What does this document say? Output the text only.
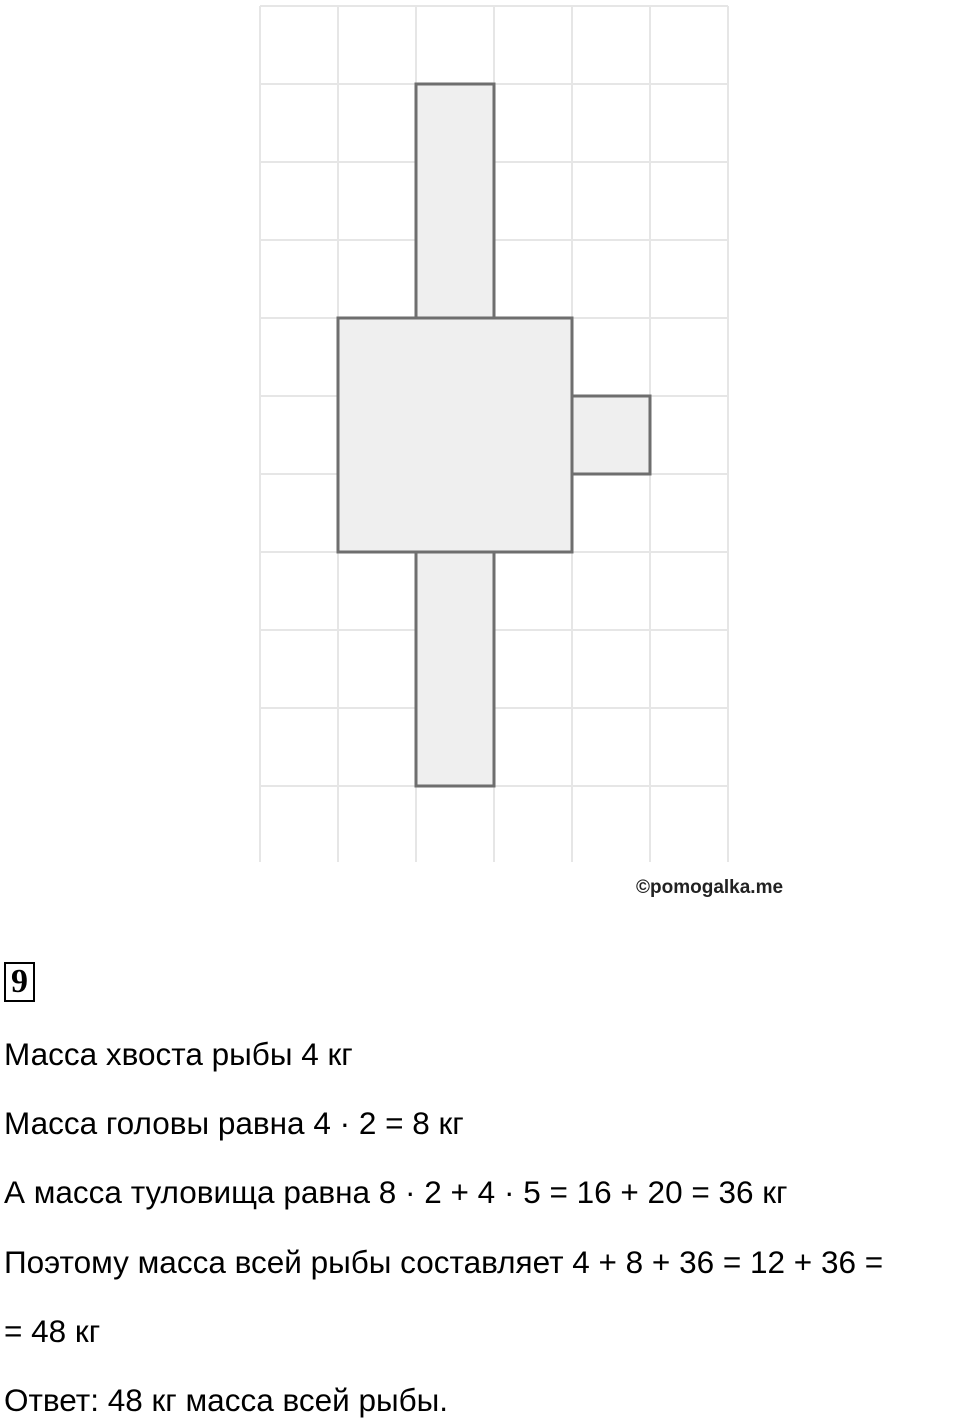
©pomogalka.me
9
Масса хвоста рыбы 4 кг
Масса головы равна 4 · 2 = 8 кг
А масса туловища равна 8 · 2 + 4 · 5 = 16 + 20 = 36 кг
Поэтому масса всей рыбы составляет 4 + 8 + 36 = 12 + 36 =
= 48 кг
Ответ: 48 кг масса всей рыбы.
